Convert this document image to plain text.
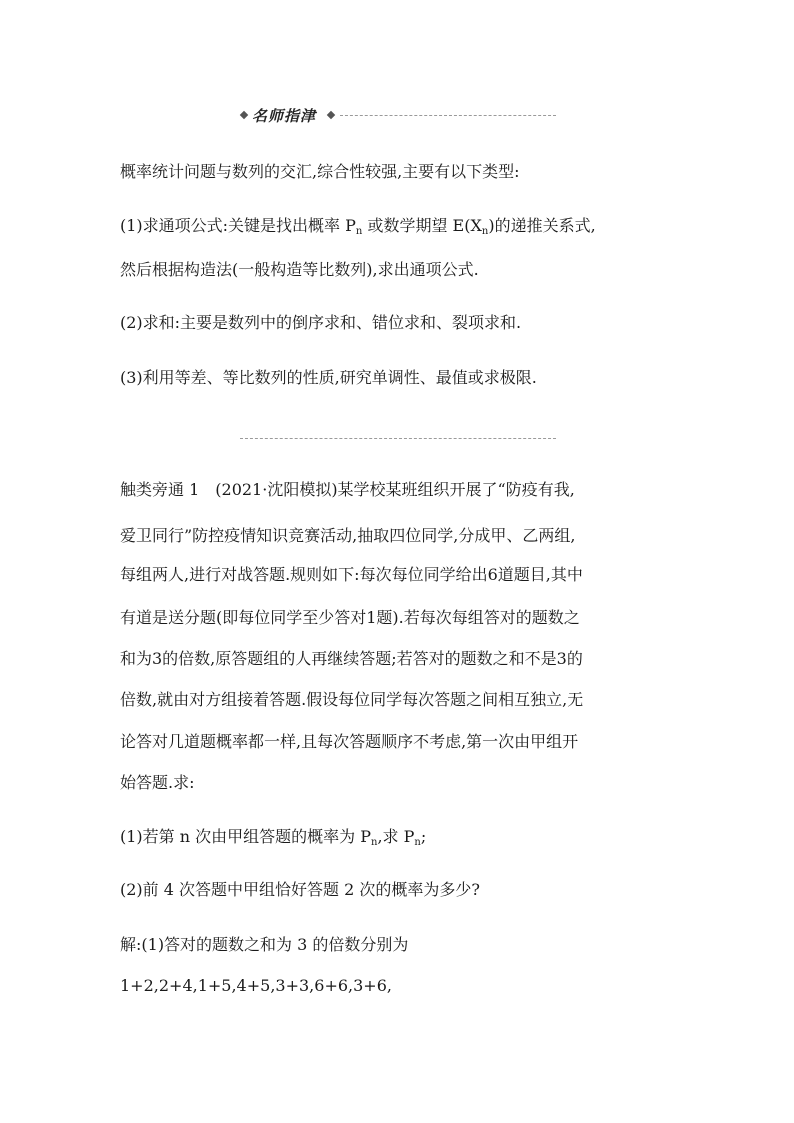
名师指津
概率统计问题与数列的交汇,综合性较强,主要有以下类型:
(1)求通项公式:关键是找出概率 $P_n$ 或数学期望 $E(X_n)$的递推关系式,
然后根据构造法(一般构造等比数列),求出通项公式.
(2)求和:主要是数列中的倒序求和、错位求和、裂项求和.
(3)利用等差、等比数列的性质,研究单调性、最值或求极限.
触类旁通 1　(2021·沈阳模拟)某学校某班组织开展了“防疫有我,
爱卫同行”防控疫情知识竞赛活动,抽取四位同学,分成甲、乙两组,
每组两人,进行对战答题.规则如下:每次每位同学给出6道题目,其中
有道是送分题(即每位同学至少答对1题).若每次每组答对的题数之
和为3的倍数,原答题组的人再继续答题;若答对的题数之和不是3的
倍数,就由对方组接着答题.假设每位同学每次答题之间相互独立,无
论答对几道题概率都一样,且每次答题顺序不考虑,第一次由甲组开
始答题.求:
(1)若第 n 次由甲组答题的概率为 $P_n$,求 $P_n$;
(2)前 4 次答题中甲组恰好答题 2 次的概率为多少?
解:(1)答对的题数之和为 3 的倍数分别为
1+2,2+4,1+5,4+5,3+3,6+6,3+6,
